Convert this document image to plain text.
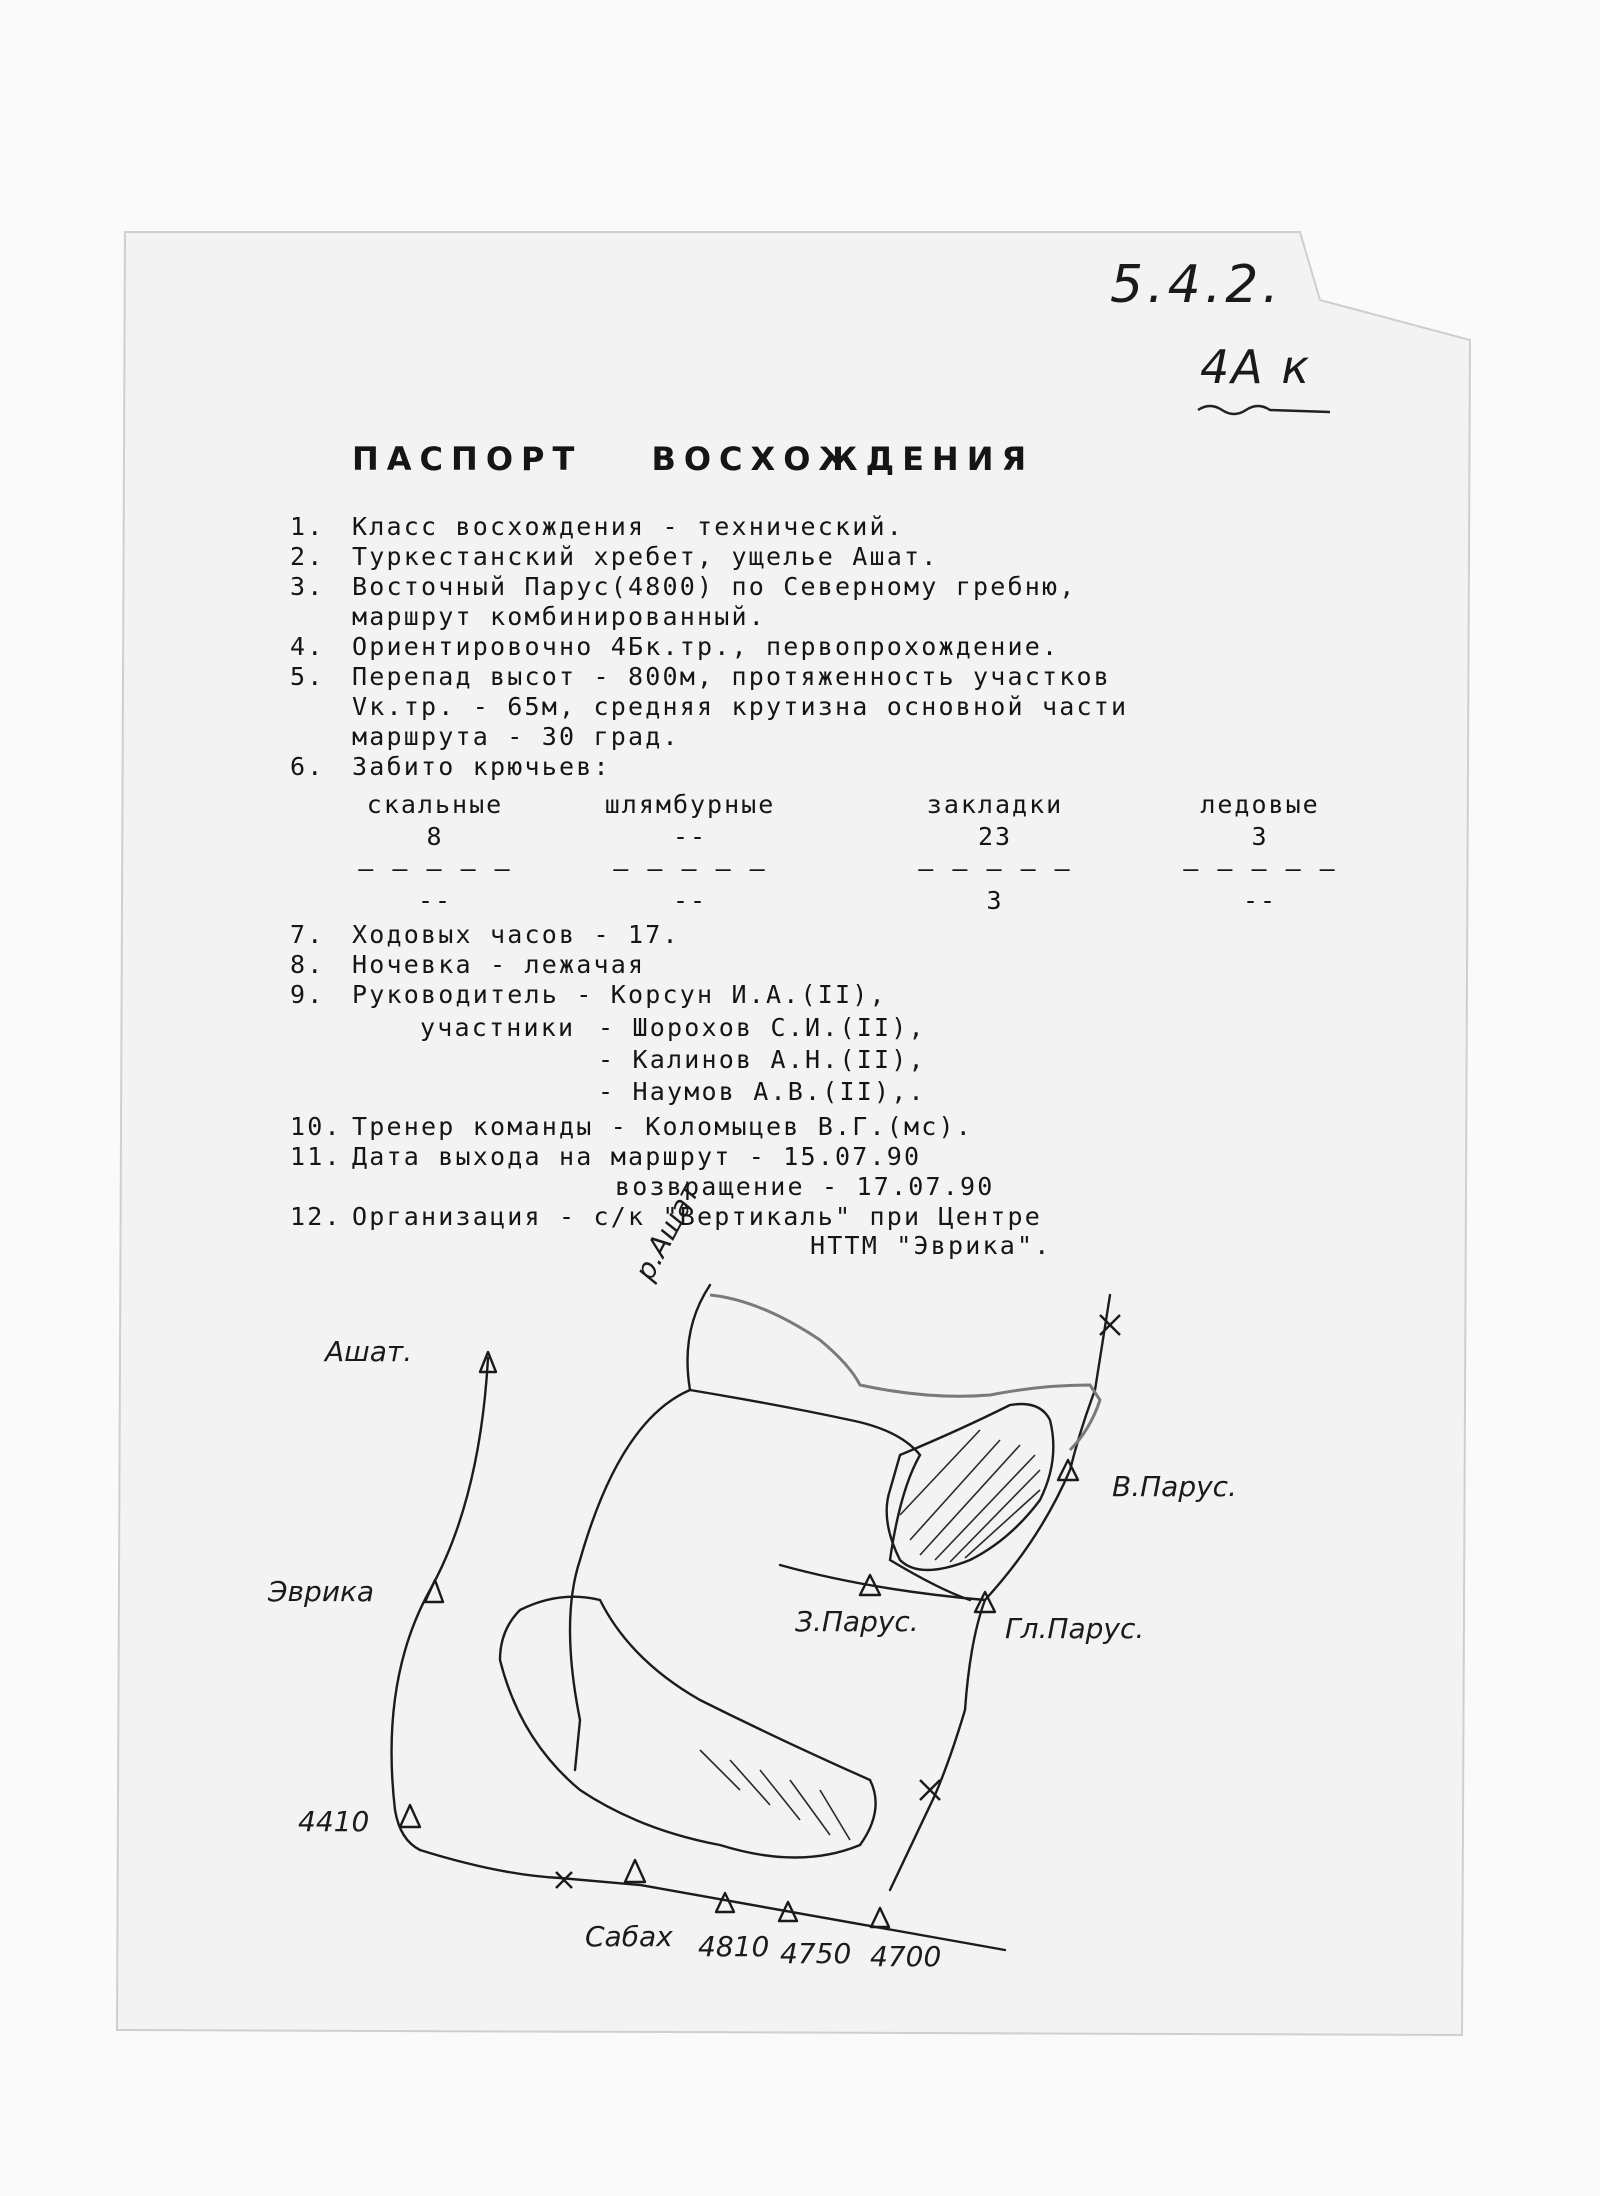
5.4.2.
4А к
ПАСПОРТ ВОСХОЖДЕНИЯ
1. Класс восхождения - технический.
2. Туркестанский хребет, ущелье Ашат.
3. Восточный Парус(4800) по Северному гребню,
маршрут комбинированный.
4. Ориентировочно 4Бк.тр., первопрохождение.
5. Перепад высот - 800м, протяженность участков
Vк.тр. - 65м, средняя крутизна основной части
маршрута - 30 град.
6. Забито крючьев:
скальные
8
--
— — — — —
шлямбурные
--
--
— — — — —
закладки
23
3
— — — — —
ледовые
3
--
— — — — —
7. Ходовых часов - 17.
8. Ночевка - лежачая
9. Руководитель - Корсун И.А.(II),
участники - Шорохов С.И.(II),
- Калинов А.Н.(II),
- Наумов А.В.(II),.
10. Тренер команды - Коломыцев В.Г.(мс).
11. Дата выхода на маршрут - 15.07.90
возвращение - 17.07.90
12. Организация - с/к "Вертикаль" при Центре
НТТМ "Эврика".
р.Ашат
Ашат.
Эврика
В.Парус.
З.Парус.	Гл.Парус.
4410
Сабах 4810 4750 4700
